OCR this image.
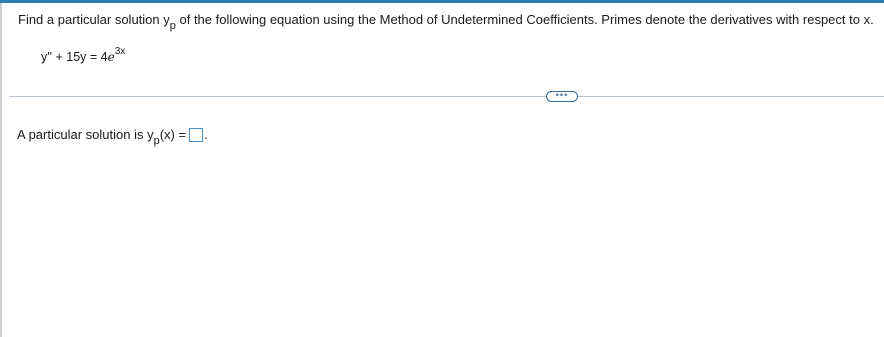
Find a particular solution $y_p$ of the following equation using the Method of Undetermined Coefficients. Primes denote the derivatives with respect to x.
$y'' + 15y = 4e^{3x}$
•••
A particular solution is $y_p$ (x) = .
